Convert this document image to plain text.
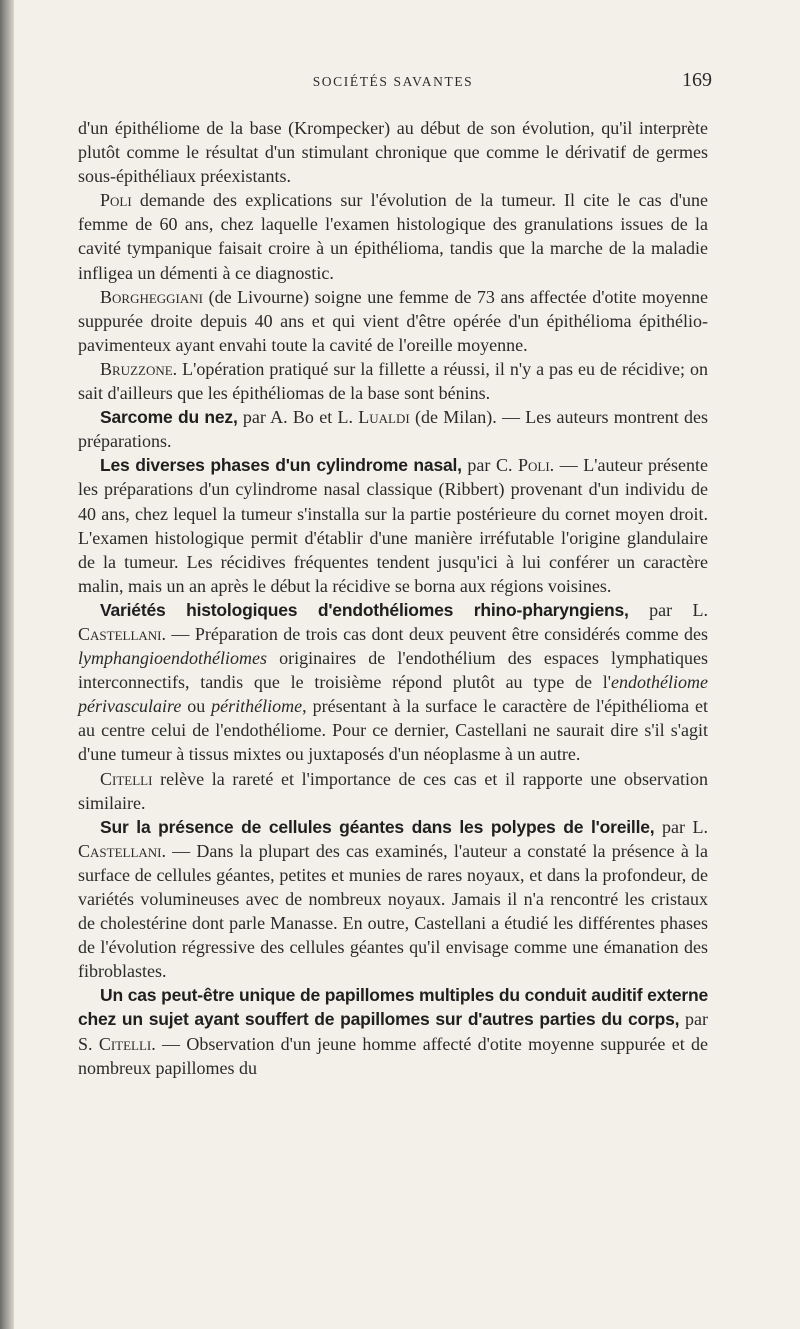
SOCIÉTÉS SAVANTES	169

d'un épithéliome de la base (Krompecker) au début de son évolution, qu'il interprète plutôt comme le résultat d'un stimulant chronique que comme le dérivatif de germes sous-épithéliaux préexistants.

Poli demande des explications sur l'évolution de la tumeur. Il cite le cas d'une femme de 60 ans, chez laquelle l'examen histologique des granulations issues de la cavité tympanique faisait croire à un épithélioma, tandis que la marche de la maladie infligea un démenti à ce diagnostic.

Borgheggiani (de Livourne) soigne une femme de 73 ans affectée d'otite moyenne suppurée droite depuis 40 ans et qui vient d'être opérée d'un épithélioma épithélio-pavimenteux ayant envahi toute la cavité de l'oreille moyenne.

Bruzzone. L'opération pratiqué sur la fillette a réussi, il n'y a pas eu de récidive; on sait d'ailleurs que les épithéliomas de la base sont bénins.

Sarcome du nez, par A. Bo et L. Lualdi (de Milan). — Les auteurs montrent des préparations.

Les diverses phases d'un cylindrome nasal, par C. Poli. — L'auteur présente les préparations d'un cylindrome nasal classique (Ribbert) provenant d'un individu de 40 ans, chez lequel la tumeur s'installa sur la partie postérieure du cornet moyen droit. L'examen histologique permit d'établir d'une manière irréfutable l'origine glandulaire de la tumeur. Les récidives fréquentes tendent jusqu'ici à lui conférer un caractère malin, mais un an après le début la récidive se borna aux régions voisines.

Variétés histologiques d'endothéliomes rhino-pharyngiens, par L. Castellani. — Préparation de trois cas dont deux peuvent être considérés comme des lymphangioendothéliomes originaires de l'endothélium des espaces lymphatiques interconnectifs, tandis que le troisième répond plutôt au type de l'endothéliome périvasculaire ou périthéliome, présentant à la surface le caractère de l'épithélioma et au centre celui de l'endothéliome. Pour ce dernier, Castellani ne saurait dire s'il s'agit d'une tumeur à tissus mixtes ou juxtaposés d'un néoplasme à un autre.

Citelli relève la rareté et l'importance de ces cas et il rapporte une observation similaire.

Sur la présence de cellules géantes dans les polypes de l'oreille, par L. Castellani. — Dans la plupart des cas examinés, l'auteur a constaté la présence à la surface de cellules géantes, petites et munies de rares noyaux, et dans la profondeur, de variétés volumineuses avec de nombreux noyaux. Jamais il n'a rencontré les cristaux de cholestérine dont parle Manasse. En outre, Castellani a étudié les différentes phases de l'évolution régressive des cellules géantes qu'il envisage comme une émanation des fibroblastes.

Un cas peut-être unique de papillomes multiples du conduit auditif externe chez un sujet ayant souffert de papillomes sur d'autres parties du corps, par S. Citelli. — Observation d'un jeune homme affecté d'otite moyenne suppurée et de nombreux papillomes du
